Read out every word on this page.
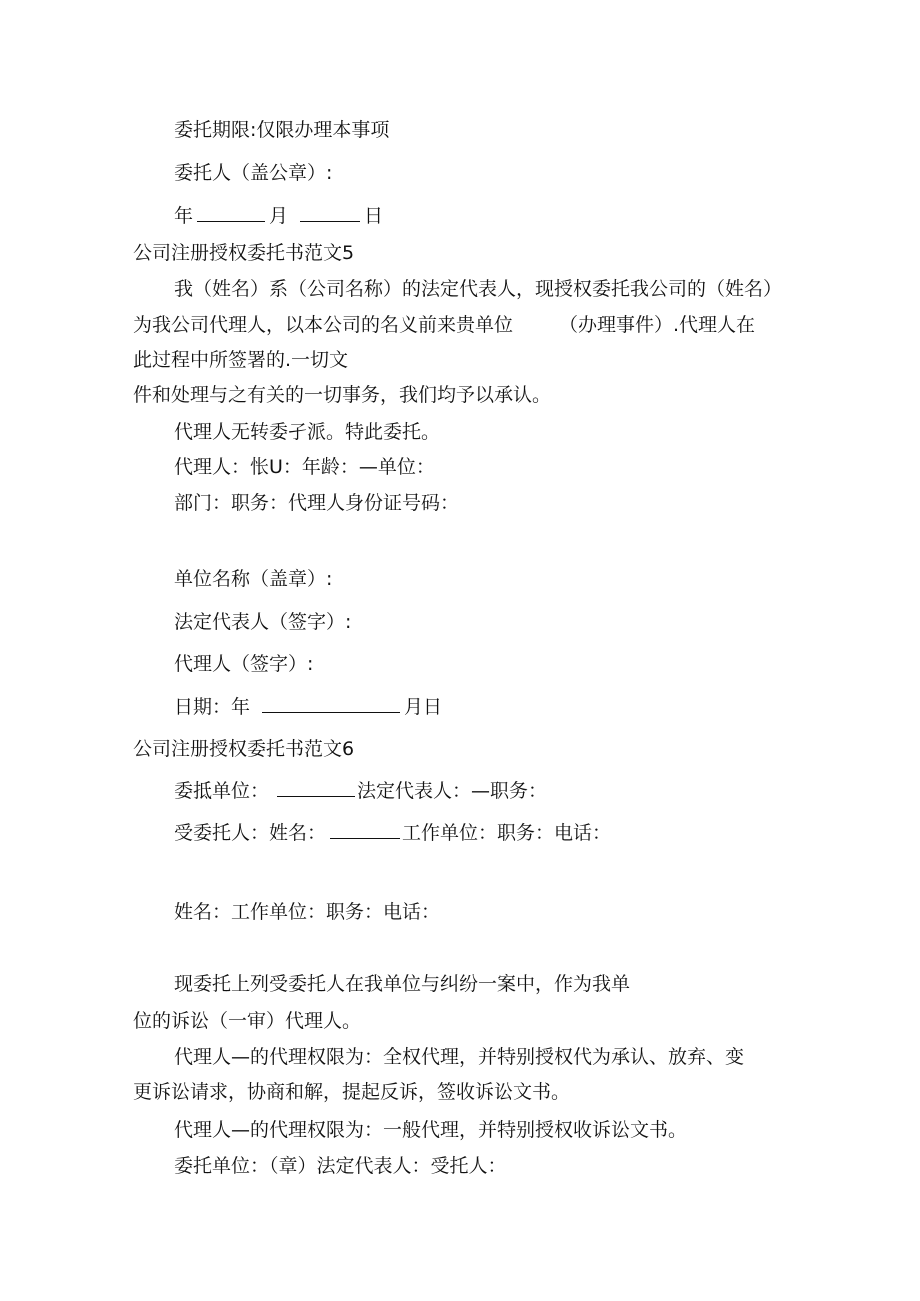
委托期限:仅限办理本事项
委托人（盖公章）:
年	月	日
公司注册授权委托书范文5
我（姓名）系（公司名称）的法定代表人，现授权委托我公司的（姓名）
为我公司代理人，以本公司的名义前来贵单位 （办理事件）.代理人在
此过程中所签署的.一切文
件和处理与之有关的一切事务，我们均予以承认。
代理人无转委孑派。特此委托。
代理人：怅U：年龄：—单位：
部门：职务：代理人身份证号码：
单位名称（盖章）:
法定代表人（签字）:
代理人（签字）:
日期：年	月日
公司注册授权委托书范文6
委抵单位：	法定代表人：—职务：
受委托人：姓名：	工作单位：职务：电话：
姓名：工作单位：职务：电话：
现委托上列受委托人在我单位与纠纷一案中，作为我单
位的诉讼（一审）代理人。
代理人—的代理权限为：全权代理，并特别授权代为承认、放弃、变
更诉讼请求，协商和解，提起反诉，签收诉讼文书。
代理人—的代理权限为：一般代理，并特别授权收诉讼文书。
委托单位：（章）法定代表人：受托人：
